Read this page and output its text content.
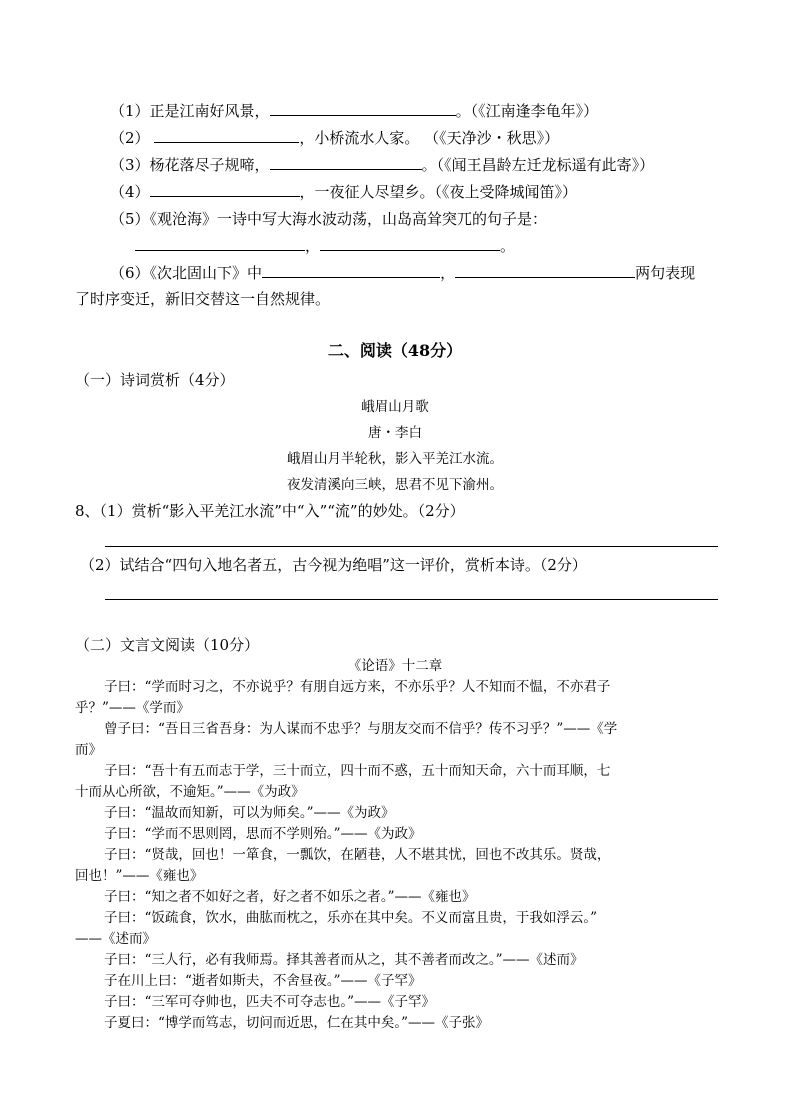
（1）正是江南好风景，	。（《江南逢李龟年》）
（2）	，小桥流水人家。 （《天净沙・秋思》）
（3）杨花落尽子规啼，	。（《闻王昌龄左迁龙标遥有此寄》）
（4）	，一夜征人尽望乡。（《夜上受降城闻笛》）
（5）《观沧海》一诗中写大海水波动荡，山岛高耸突兀的句子是：
，	。
（6）《次北固山下》中	，	两句表现
了时序变迁，新旧交替这一自然规律。
二、阅读（48分）
（一）诗词赏析（4分）
峨眉山月歌
唐・李白
峨眉山月半轮秋，影入平羌江水流。
夜发清溪向三峡，思君不见下渝州。
8、（1）赏析“影入平羌江水流”中“入”“流”的妙处。（2分）
（2）试结合“四句入地名者五，古今视为绝唱”这一评价，赏析本诗。（2分）
（二）文言文阅读（10分）
《论语》十二章
子曰：“学而时习之，不亦说乎？有朋自远方来，不亦乐乎？人不知而不愠，不亦君子
乎？”——《学而》
曾子曰：“吾日三省吾身：为人谋而不忠乎？与朋友交而不信乎？传不习乎？”——《学
而》
子曰：“吾十有五而志于学，三十而立，四十而不惑，五十而知天命，六十而耳顺，七
十而从心所欲，不逾矩。”——《为政》
子曰：“温故而知新，可以为师矣。”——《为政》
子曰：“学而不思则罔，思而不学则殆。”——《为政》
子曰：“贤哉，回也！一箪食，一瓢饮，在陋巷，人不堪其忧，回也不改其乐。贤哉，
回也！”——《雍也》
子曰：“知之者不如好之者，好之者不如乐之者。”——《雍也》
子曰：“饭疏食，饮水，曲肱而枕之，乐亦在其中矣。不义而富且贵，于我如浮云。”
——《述而》
子曰：“三人行，必有我师焉。择其善者而从之，其不善者而改之。”——《述而》
子在川上曰：“逝者如斯夫，不舍昼夜。”——《子罕》
子曰：“三军可夺帅也，匹夫不可夺志也。”——《子罕》
子夏曰：“博学而笃志，切问而近思，仁在其中矣。”——《子张》
